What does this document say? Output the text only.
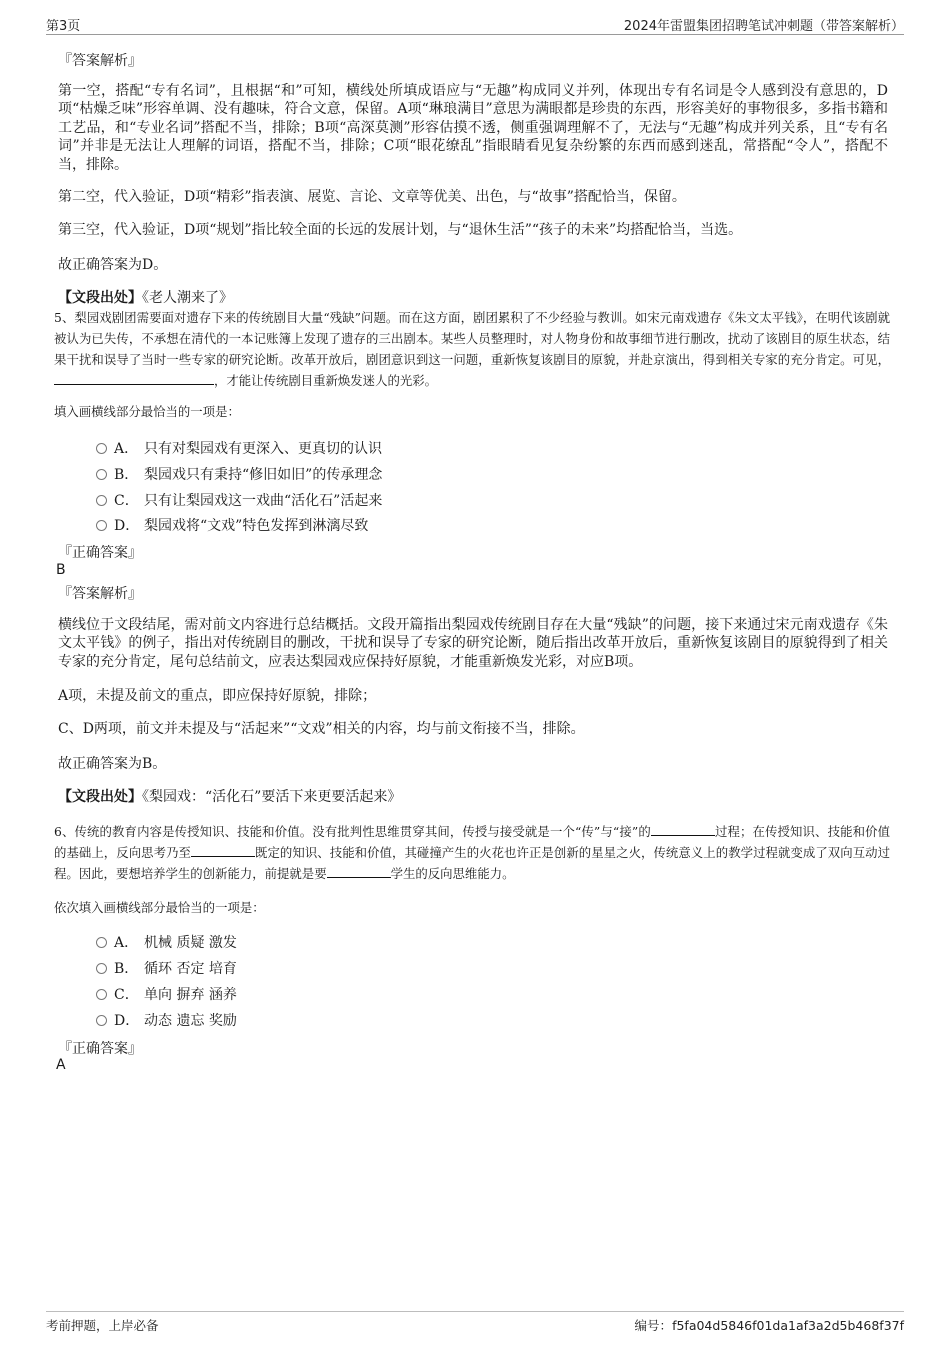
第3页	2024年雷盟集团招聘笔试冲刺题（带答案解析）
『答案解析』
第一空，搭配“专有名词”，且根据“和”可知，横线处所填成语应与“无趣”构成同义并列，体现出专有名词是令人感到没有意思的，D项“枯燥乏味”形容单调、没有趣味，符合文意，保留。A项“琳琅满目”意思为满眼都是珍贵的东西，形容美好的事物很多，多指书籍和工艺品，和“专业名词”搭配不当，排除；B项“高深莫测”形容估摸不透，侧重强调理解不了，无法与“无趣”构成并列关系，且“专有名词”并非是无法让人理解的词语，搭配不当，排除；C项“眼花缭乱”指眼睛看见复杂纷繁的东西而感到迷乱，常搭配“令人”，搭配不当，排除。
第二空，代入验证，D项“精彩”指表演、展览、言论、文章等优美、出色，与“故事”搭配恰当，保留。
第三空，代入验证，D项“规划”指比较全面的长远的发展计划，与“退休生活”“孩子的未来”均搭配恰当，当选。
故正确答案为D。
【文段出处】《老人潮来了》
5、梨园戏剧团需要面对遗存下来的传统剧目大量“残缺”问题。而在这方面，剧团累积了不少经验与教训。如宋元南戏遗存《朱文太平钱》，在明代该剧就被认为已失传，不承想在清代的一本记账簿上发现了遗存的三出剧本。某些人员整理时，对人物身份和故事细节进行删改，扰动了该剧目的原生状态，结果干扰和误导了当时一些专家的研究论断。改革开放后，剧团意识到这一问题，重新恢复该剧目的原貌，并赴京演出，得到相关专家的充分肯定。可见，，才能让传统剧目重新焕发迷人的光彩。
填入画横线部分最恰当的一项是：
A． 只有对梨园戏有更深入、更真切的认识
B． 梨园戏只有秉持“修旧如旧”的传承理念
C． 只有让梨园戏这一戏曲“活化石”活起来
D． 梨园戏将“文戏”特色发挥到淋漓尽致
『正确答案』
B
『答案解析』
横线位于文段结尾，需对前文内容进行总结概括。文段开篇指出梨园戏传统剧目存在大量“残缺”的问题，接下来通过宋元南戏遗存《朱文太平钱》的例子，指出对传统剧目的删改，干扰和误导了专家的研究论断，随后指出改革开放后，重新恢复该剧目的原貌得到了相关专家的充分肯定，尾句总结前文，应表达梨园戏应保持好原貌，才能重新焕发光彩，对应B项。
A项，未提及前文的重点，即应保持好原貌，排除；
C、D两项，前文并未提及与“活起来”“文戏”相关的内容，均与前文衔接不当，排除。
故正确答案为B。
【文段出处】《梨园戏：“活化石”要活下来更要活起来》
6、传统的教育内容是传授知识、技能和价值。没有批判性思维贯穿其间，传授与接受就是一个“传”与“接”的	过程；在传授知识、技能和价值的基础上，反向思考乃至	既定的知识、技能和价值，其碰撞产生的火花也许正是创新的星星之火，传统意义上的教学过程就变成了双向互动过程。因此，要想培养学生的创新能力，前提就是要	学生的反向思维能力。
依次填入画横线部分最恰当的一项是：
A． 机械 质疑 激发
B． 循环 否定 培育
C． 单向 摒弃 涵养
D． 动态 遗忘 奖励
『正确答案』
A
考前押题，上岸必备	编号：f5fa04d5846f01da1af3a2d5b468f37f
